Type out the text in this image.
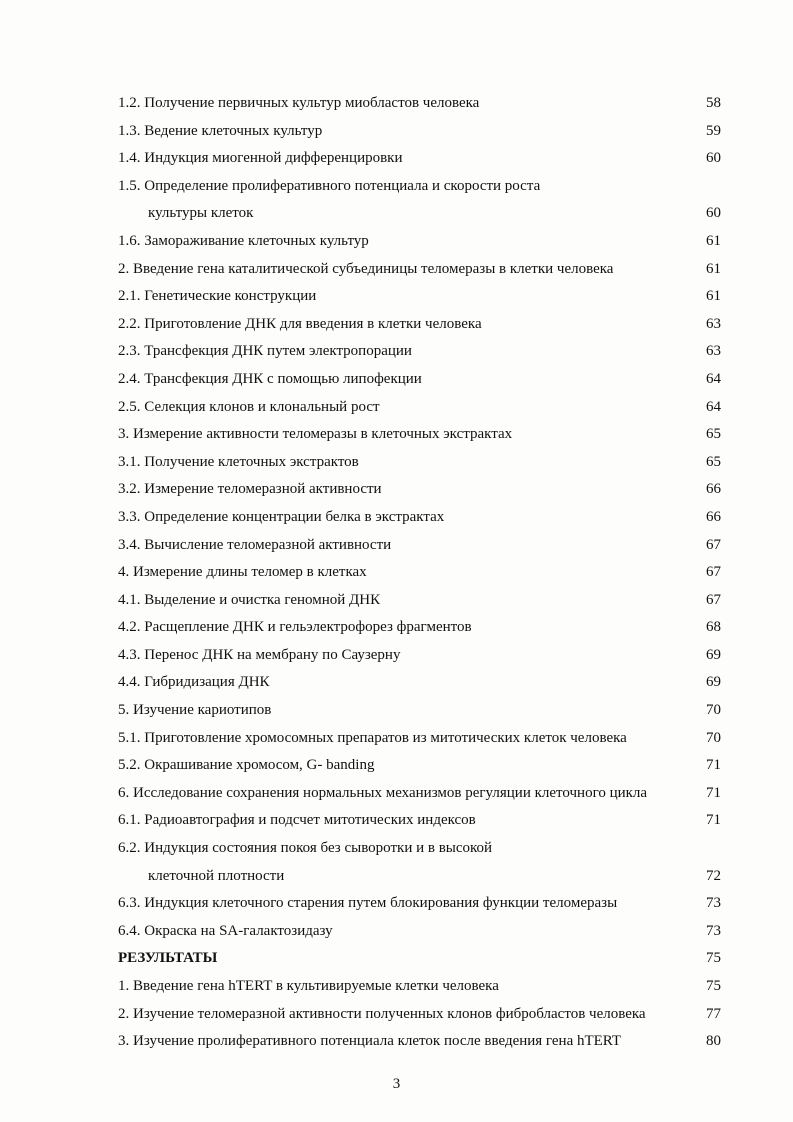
1.2. Получение первичных культур миобластов человека	58
1.3. Ведение клеточных культур	59
1.4. Индукция миогенной дифференцировки	60
1.5. Определение пролиферативного потенциала и скорости роста
культуры клеток	60
1.6. Замораживание клеточных культур	61
2. Введение гена каталитической субъединицы теломеразы в клетки человека	61
2.1. Генетические конструкции	61
2.2. Приготовление ДНК для введения в клетки человека	63
2.3. Трансфекция ДНК путем электропорации	63
2.4. Трансфекция ДНК с помощью липофекции	64
2.5. Селекция клонов и клональный рост	64
3. Измерение активности теломеразы в клеточных экстрактах	65
3.1. Получение клеточных экстрактов	65
3.2. Измерение теломеразной активности	66
3.3. Определение концентрации белка в экстрактах	66
3.4. Вычисление теломеразной активности	67
4. Измерение длины теломер в клетках	67
4.1. Выделение и очистка геномной ДНК	67
4.2. Расщепление ДНК и гельэлектрофорез фрагментов	68
4.3. Перенос ДНК на мембрану по Саузерну	69
4.4. Гибридизация ДНК	69
5. Изучение кариотипов	70
5.1. Приготовление хромосомных препаратов из митотических клеток человека	70
5.2. Окрашивание хромосом, G- banding	71
6. Исследование сохранения нормальных механизмов регуляции клеточного цикла	71
6.1. Радиоавтография и подсчет митотических индексов	71
6.2. Индукция состояния покоя без сыворотки и в высокой
клеточной плотности	72
6.3. Индукция клеточного старения путем блокирования функции теломеразы	73
6.4. Окраска на SA-галактозидазу	73
РЕЗУЛЬТАТЫ	75
1. Введение гена hTERT в культивируемые клетки человека	75
2. Изучение теломеразной активности полученных клонов фибробластов человека	77
3. Изучение пролиферативного потенциала клеток после введения гена hTERT	80
3
